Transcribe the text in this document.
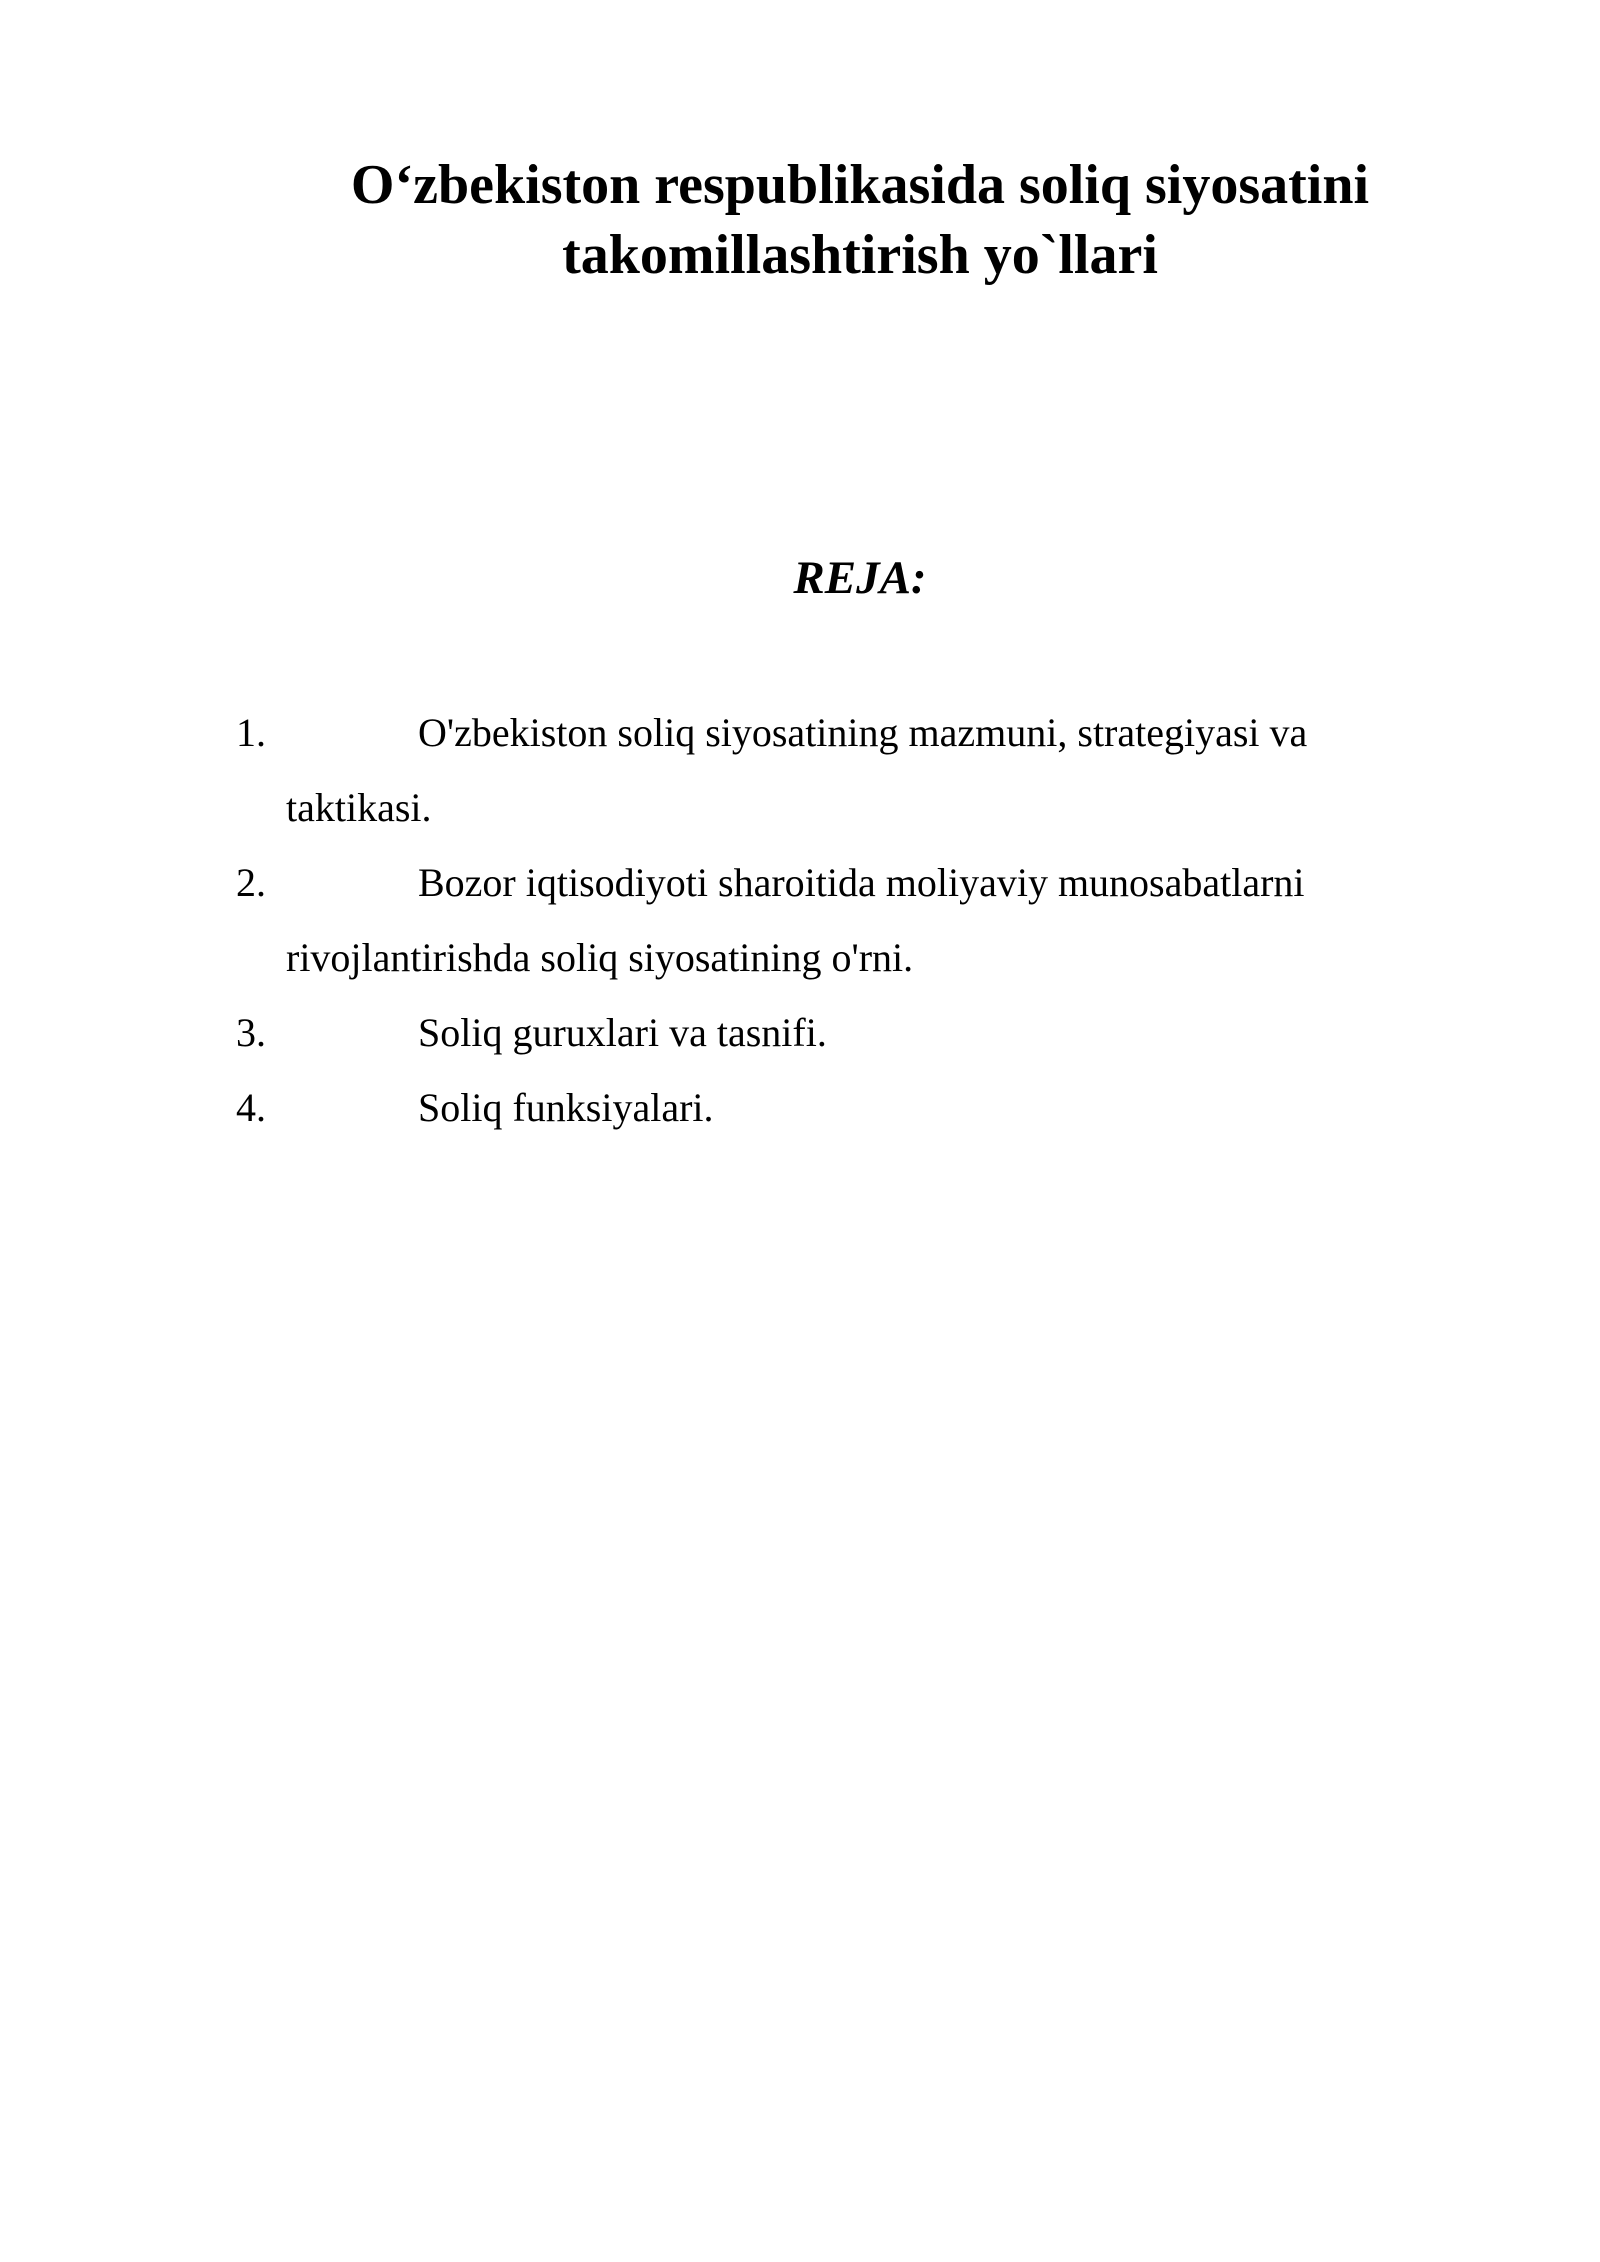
O‘zbekiston respublikasida soliq siyosatini
takomillashtirish yo`llari
REJA:
1.	O'zbekiston soliq siyosatining mazmuni, strategiyasi va taktikasi.
2.	Bozor iqtisodiyoti sharoitida moliyaviy munosabatlarni rivojlantirishda soliq siyosatining o'rni.
3.	Soliq guruxlari va tasnifi.
4.	Soliq funksiyalari.
